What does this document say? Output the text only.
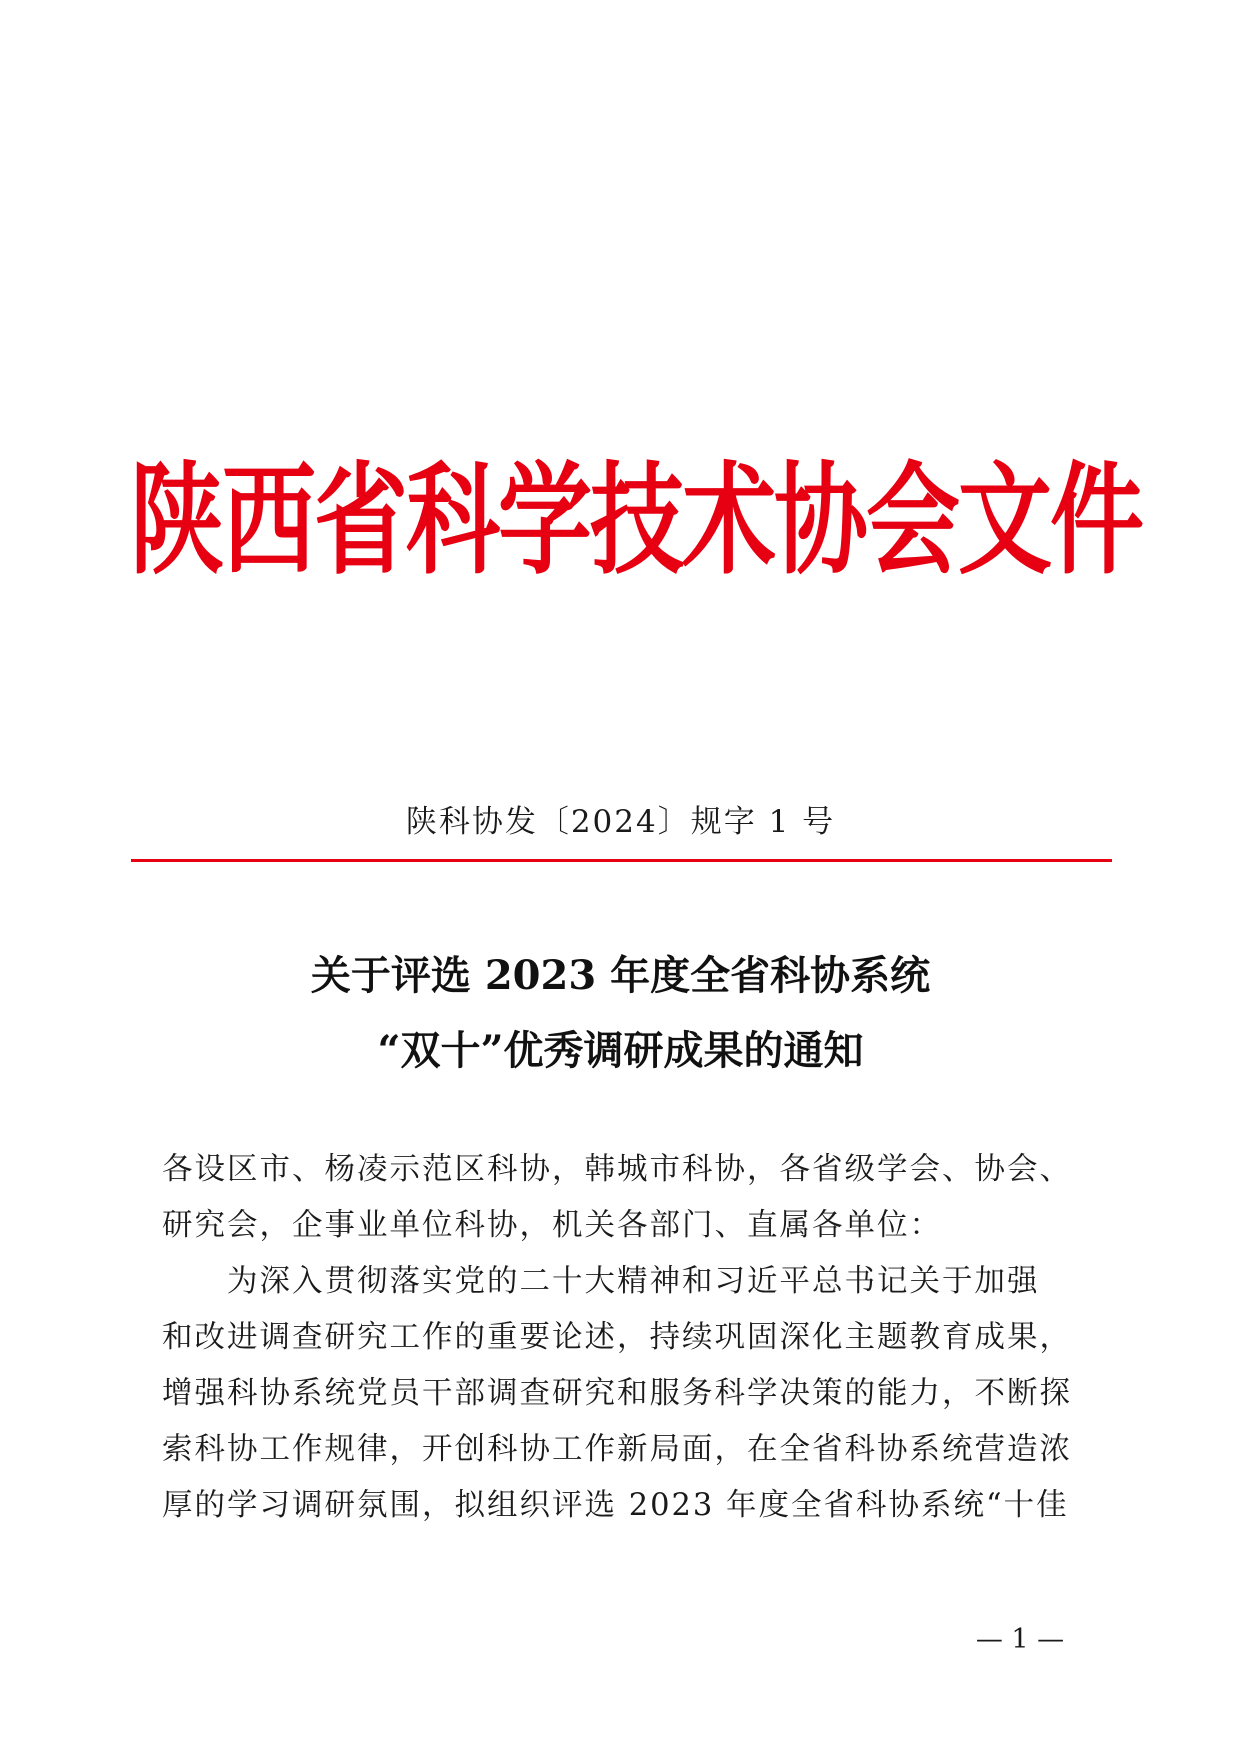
陕西省科学技术协会文件
陕科协发〔2024〕规字 1 号
关于评选 2023 年度全省科协系统
“双十”优秀调研成果的通知
各设区市、杨凌示范区科协，韩城市科协，各省级学会、协会、
研究会，企事业单位科协，机关各部门、直属各单位：
　　为深入贯彻落实党的二十大精神和习近平总书记关于加强
和改进调查研究工作的重要论述，持续巩固深化主题教育成果，
增强科协系统党员干部调查研究和服务科学决策的能力，不断探
索科协工作规律，开创科协工作新局面，在全省科协系统营造浓
厚的学习调研氛围，拟组织评选 2023 年度全省科协系统“十佳
— 1 —
